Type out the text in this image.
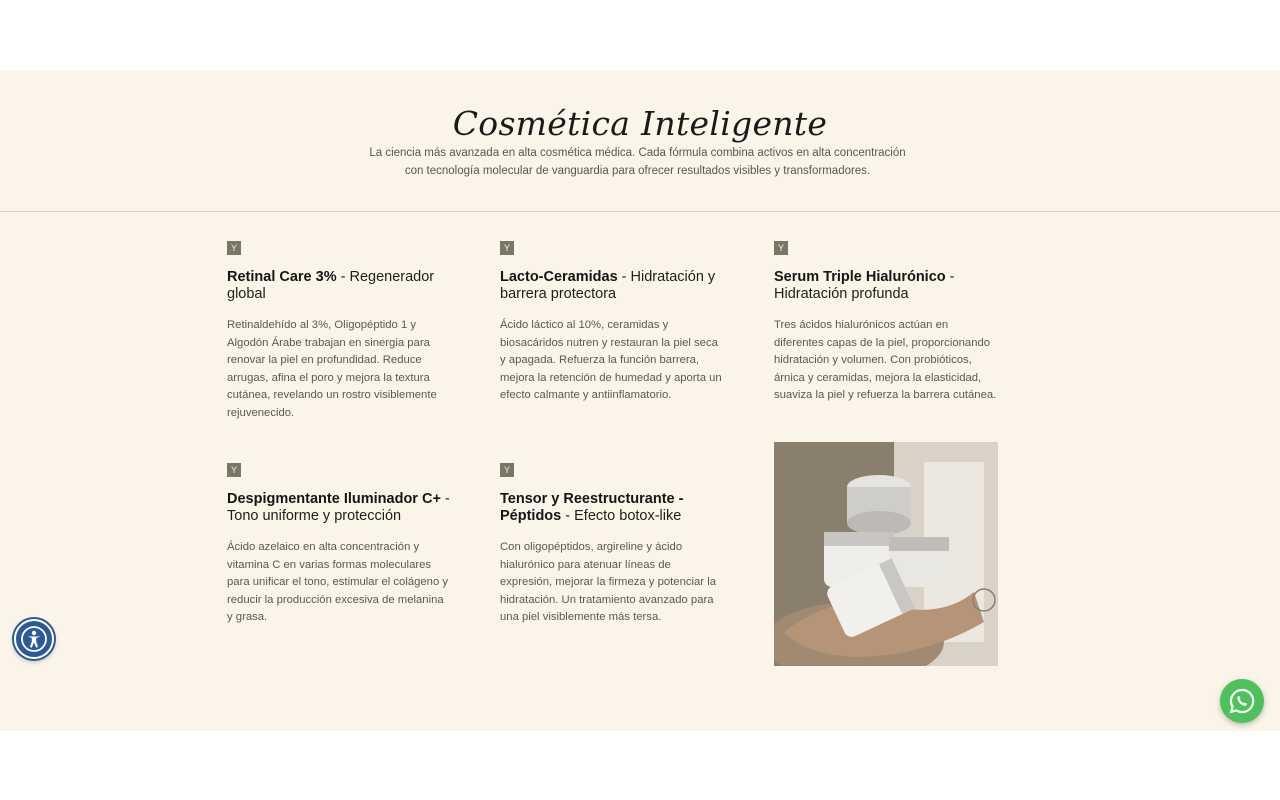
Cosmética Inteligente

La ciencia más avanzada en alta cosmética médica. Cada fórmula combina activos en alta concentración con tecnología molecular de vanguardia para ofrecer resultados visibles y transformadores.

Y
Retinal Care 3% - Regenerador global

Retinaldehído al 3%, Oligopéptido 1 y Algodón Árabe trabajan en sinergia para renovar la piel en profundidad. Reduce arrugas, afina el poro y mejora la textura cutánea, revelando un rostro visiblemente rejuvenecido.

Y
Lacto-Ceramidas - Hidratación y barrera protectora

Ácido láctico al 10%, ceramidas y biosacáridos nutren y restauran la piel seca y apagada. Refuerza la función barrera, mejora la retención de humedad y aporta un efecto calmante y antiinflamatorio.

Y
Serum Triple Hialurónico - Hidratación profunda

Tres ácidos hialurónicos actúan en diferentes capas de la piel, proporcionando hidratación y volumen. Con probióticos, árnica y ceramidas, mejora la elasticidad, suaviza la piel y refuerza la barrera cutánea.

Y
Despigmentante Iluminador C+ - Tono uniforme y protección

Ácido azelaico en alta concentración y vitamina C en varias formas moleculares para unificar el tono, estimular el colágeno y reducir la producción excesiva de melanina y grasa.

Y
Tensor y Reestructurante - Péptidos - Efecto botox-like

Con oligopéptidos, argireline y ácido hialurónico para atenuar líneas de expresión, mejorar la firmeza y potenciar la hidratación. Un tratamiento avanzado para una piel visiblemente más tersa.
